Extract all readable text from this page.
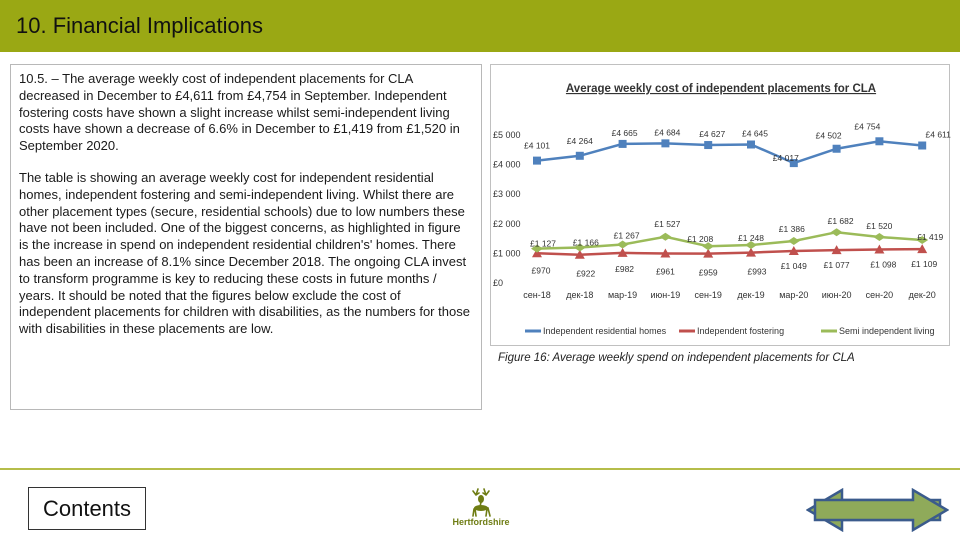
10. Financial Implications

10.5. – The average weekly cost of independent placements for CLA decreased in December to £4,611 from £4,754 in September. Independent fostering costs have shown a slight increase whilst semi-independent living costs have shown a decrease of 6.6% in December to £1,419 from £1,520 in September 2020.

The table is showing an average weekly cost for independent residential homes, independent fostering and semi-independent living. Whilst there are other placement types (secure, residential schools) due to low numbers these have not been included. One of the biggest concerns, as highlighted in figure is the increase in spend on independent residential children's' homes. There has been an increase of 8.1% since December 2018. The ongoing CLA invest to transform programme is key to reducing these costs in future months / years. It should be noted that the figures below exclude the cost of independent placements for children with disabilities, as the numbers for those with disabilities in these placements are low.

Average weekly cost of independent placements for CLA
£0
£1 000
£2 000
£3 000
£4 000
£5 000
сен-18 дек-18 мар-19 июн-19 сен-19 дек-19 мар-20 июн-20 сен-20 дек-20
£4 101 £4 264
£4 665 £4 684 £4 627 £4 645
£4 017
£4 502
£4 754
£4 611
£970	£922 £982	£961	£959	£993
£1 049 £1 077 £1 098 £1 109
£1 127 £1 166
£1 267
£1 527
£1 208	£1 248
£1 386
£1 682 £1 520
£1 419
Independent residential homes	Independent fostering	Semi independent living
Figure 16: Average weekly spend on independent placements for CLA
Contents
Hertfordshire
